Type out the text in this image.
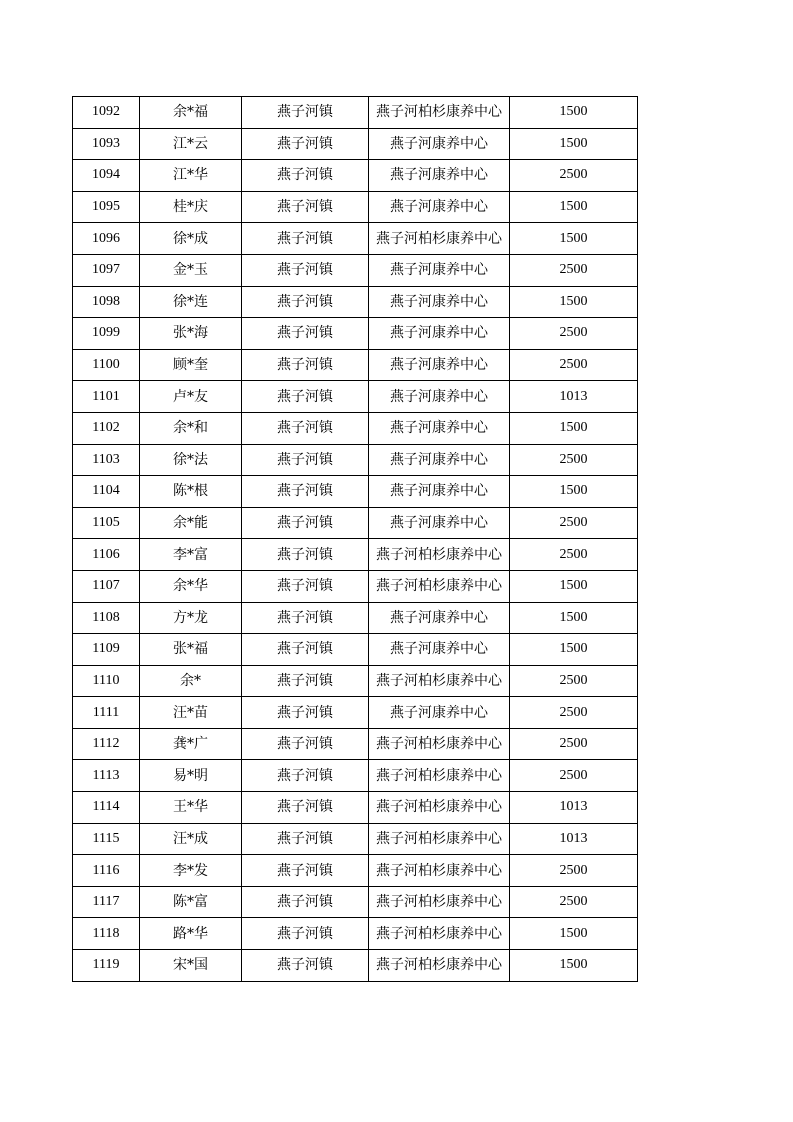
1092	余*福	燕子河镇	燕子河柏杉康养中心	1500
1093	江*云	燕子河镇	燕子河康养中心	1500
1094	江*华	燕子河镇	燕子河康养中心	2500
1095	桂*庆	燕子河镇	燕子河康养中心	1500
1096	徐*成	燕子河镇	燕子河柏杉康养中心	1500
1097	金*玉	燕子河镇	燕子河康养中心	2500
1098	徐*连	燕子河镇	燕子河康养中心	1500
1099	张*海	燕子河镇	燕子河康养中心	2500
1100	顾*奎	燕子河镇	燕子河康养中心	2500
1101	卢*友	燕子河镇	燕子河康养中心	1013
1102	余*和	燕子河镇	燕子河康养中心	1500
1103	徐*法	燕子河镇	燕子河康养中心	2500
1104	陈*根	燕子河镇	燕子河康养中心	1500
1105	余*能	燕子河镇	燕子河康养中心	2500
1106	李*富	燕子河镇	燕子河柏杉康养中心	2500
1107	余*华	燕子河镇	燕子河柏杉康养中心	1500
1108	方*龙	燕子河镇	燕子河康养中心	1500
1109	张*福	燕子河镇	燕子河康养中心	1500
1110	余*	燕子河镇	燕子河柏杉康养中心	2500
1111	汪*苗	燕子河镇	燕子河康养中心	2500
1112	龚*广	燕子河镇	燕子河柏杉康养中心	2500
1113	易*明	燕子河镇	燕子河柏杉康养中心	2500
1114	王*华	燕子河镇	燕子河柏杉康养中心	1013
1115	汪*成	燕子河镇	燕子河柏杉康养中心	1013
1116	李*发	燕子河镇	燕子河柏杉康养中心	2500
1117	陈*富	燕子河镇	燕子河柏杉康养中心	2500
1118	路*华	燕子河镇	燕子河柏杉康养中心	1500
1119	宋*国	燕子河镇	燕子河柏杉康养中心	1500
